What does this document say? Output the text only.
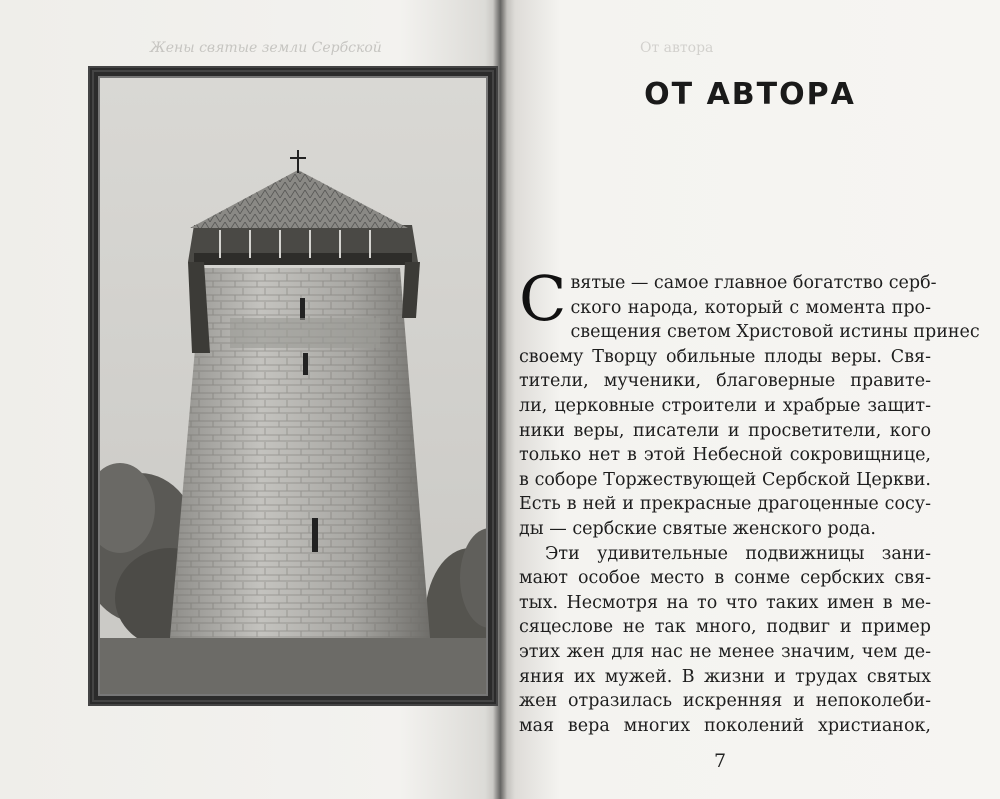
Жены святые земли Сербской	От автора
ОТ АВТОРА
С вятые — самое главное богатство серб-
ского народа, который с момента про-
свещения светом Христовой истины принес
своему Творцу обильные плоды веры. Свя-
тители, мученики, благоверные правите-
ли, церковные строители и храбрые защит-
ники веры, писатели и просветители, кого
только нет в этой Небесной сокровищнице,
в соборе Торжествующей Сербской Церкви.
Есть в ней и прекрасные драгоценные сосу-
ды — сербские святые женского рода.
Эти удивительные подвижницы зани-
мают особое место в сонме сербских свя-
тых. Несмотря на то что таких имен в ме-
сяцеслове не так много, подвиг и пример
этих жен для нас не менее значим, чем де-
яния их мужей. В жизни и трудах святых
жен отразилась искренняя и непоколеби-
мая вера многих поколений христианок,
7
